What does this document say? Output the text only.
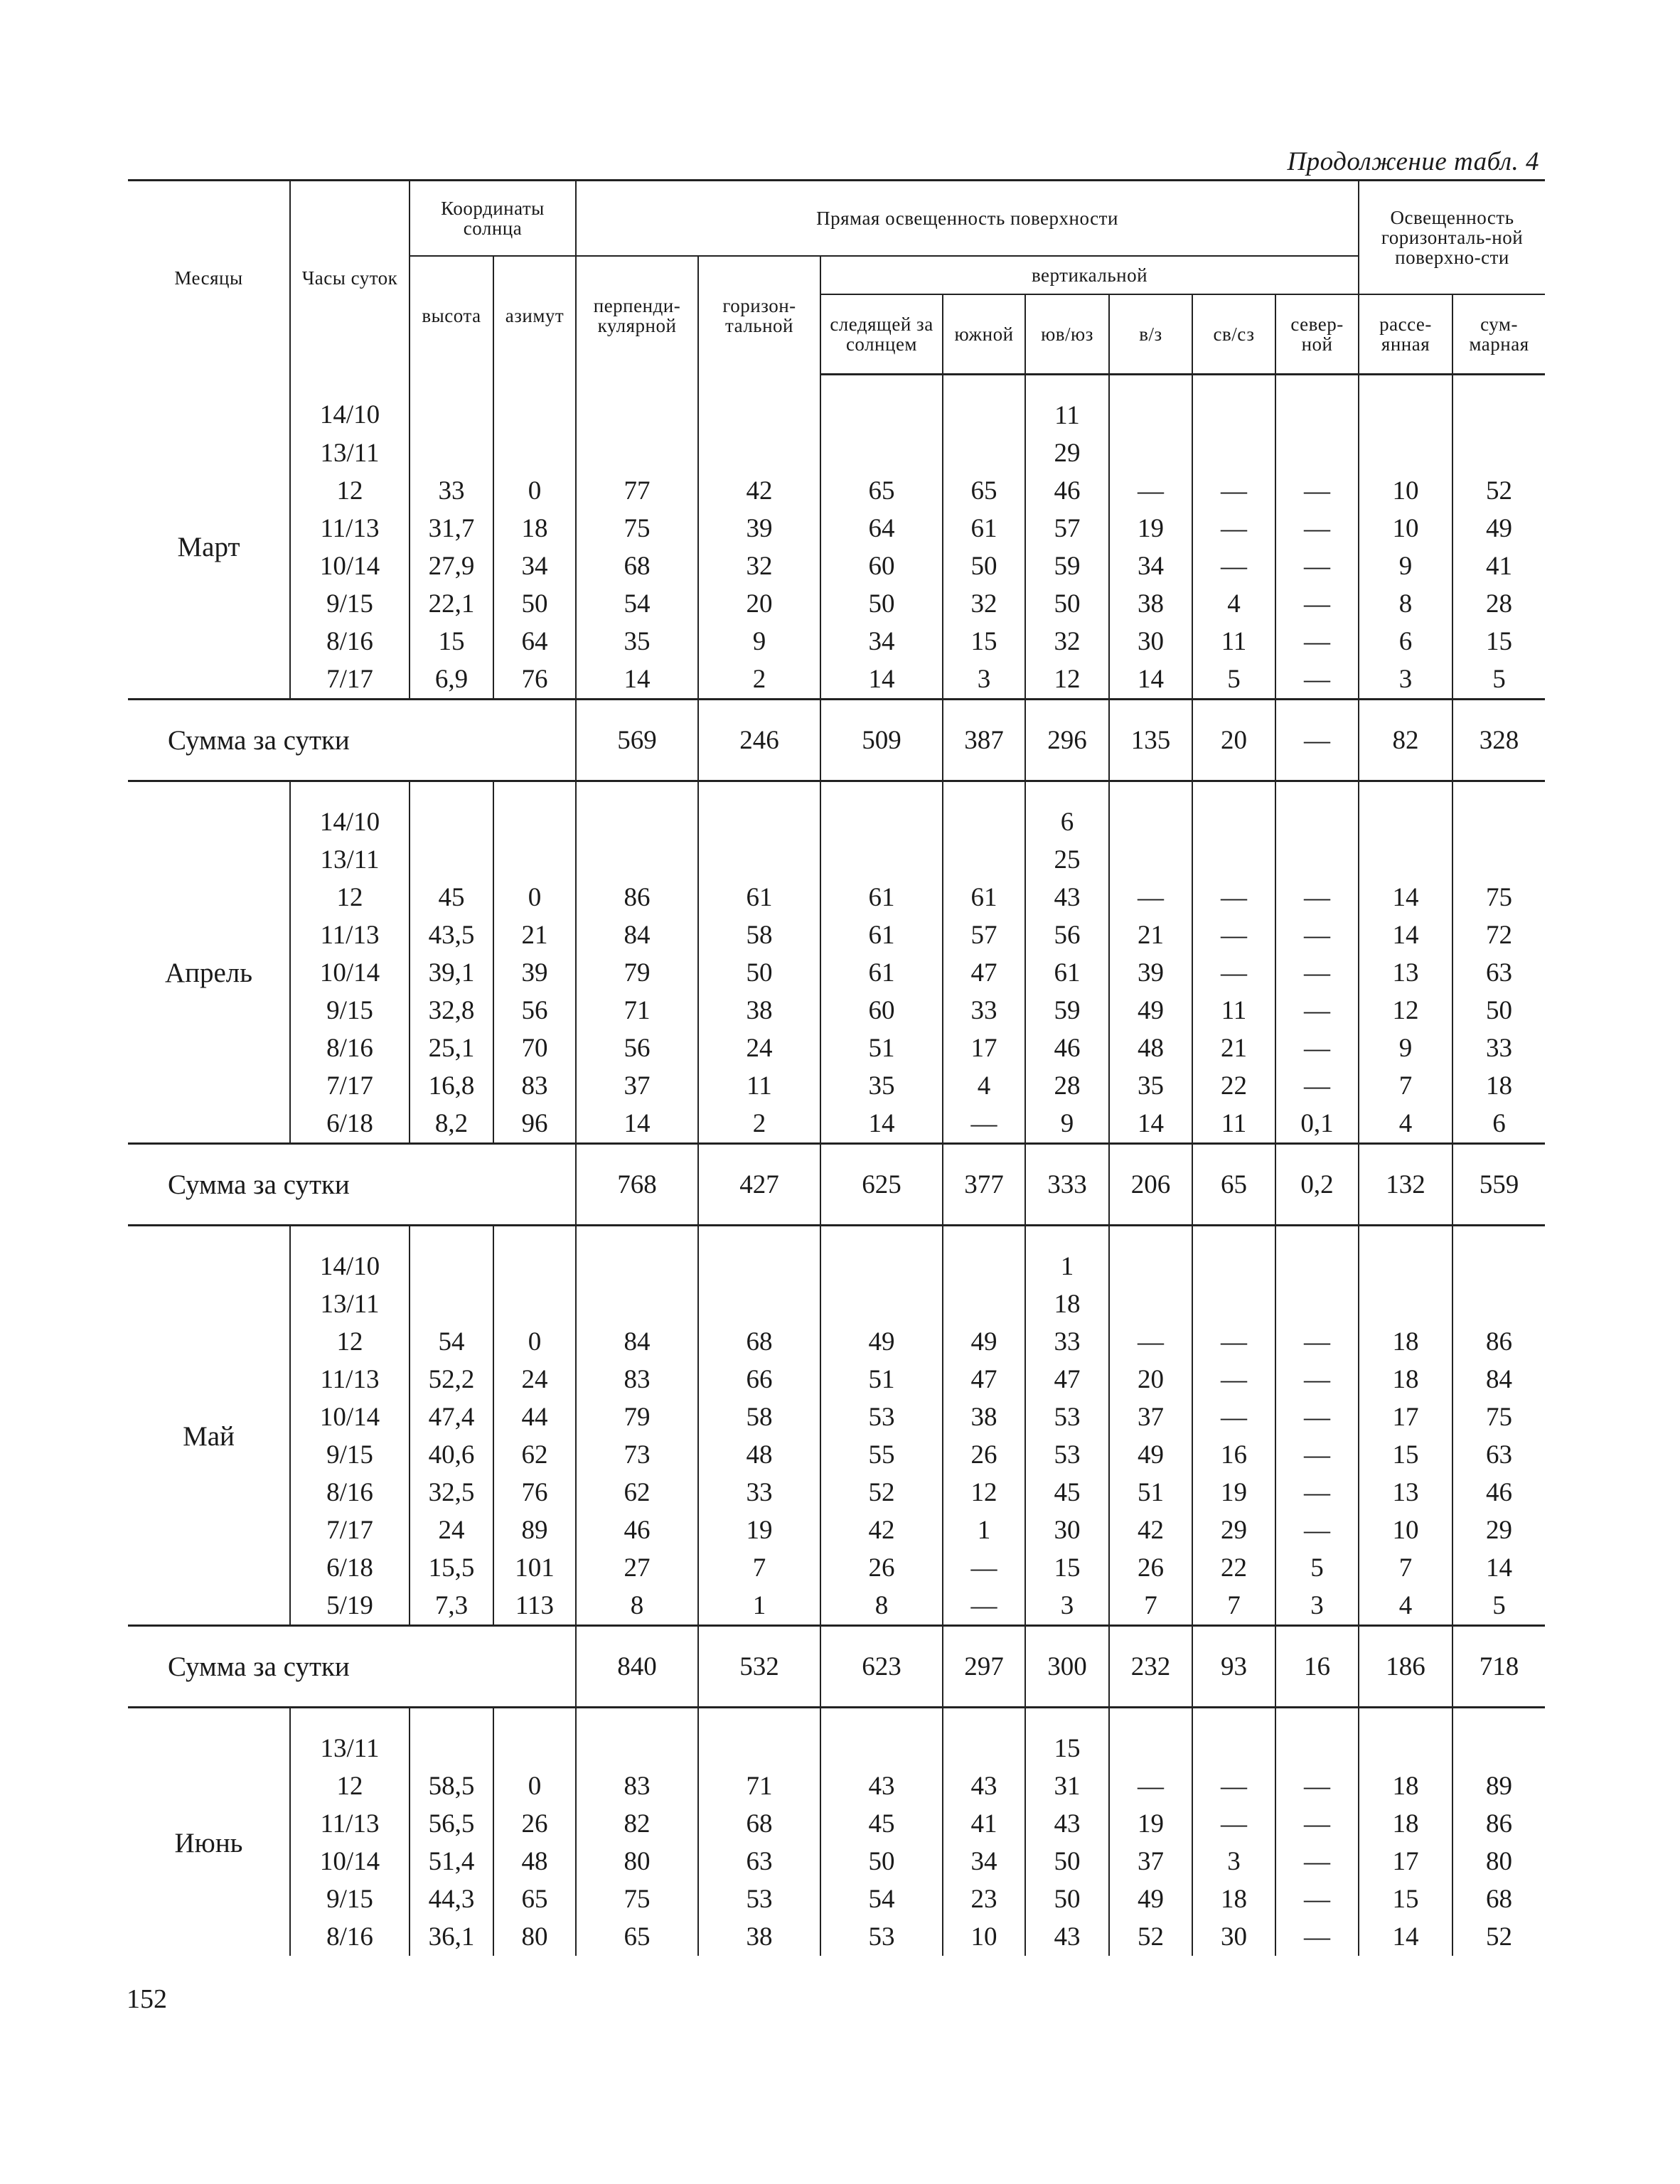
Продолжение табл. 4
Месяцы	Часы суток	Координаты солнца		Прямая освещенность поверхности								Освещенность горизонталь-ной поверхно-сти	
		высота	азимут	перпенди-кулярной	горизон-тальной	вертикальной							
						следящей за солнцем	южной	юв/юз	в/з	св/сз	север-ной	рассе-янная	сум-марная
Март	14/10							11					
	13/11							29					
	12	33	0	77	42	65	65	46	—	—	—	10	52
	11/13	31,7	18	75	39	64	61	57	19	—	—	10	49
	10/14	27,9	34	68	32	60	50	59	34	—	—	9	41
	9/15	22,1	50	54	20	50	32	50	38	4	—	8	28
	8/16	15	64	35	9	34	15	32	30	11	—	6	15
	7/17	6,9	76	14	2	14	3	12	14	5	—	3	5
Сумма за сутки				569	246	509	387	296	135	20	—	82	328
Апрель	14/10							6					
	13/11							25					
	12	45	0	86	61	61	61	43	—	—	—	14	75
	11/13	43,5	21	84	58	61	57	56	21	—	—	14	72
	10/14	39,1	39	79	50	61	47	61	39	—	—	13	63
	9/15	32,8	56	71	38	60	33	59	49	11	—	12	50
	8/16	25,1	70	56	24	51	17	46	48	21	—	9	33
	7/17	16,8	83	37	11	35	4	28	35	22	—	7	18
	6/18	8,2	96	14	2	14	—	9	14	11	0,1	4	6
Сумма за сутки				768	427	625	377	333	206	65	0,2	132	559
Май	14/10							1					
	13/11							18					
	12	54	0	84	68	49	49	33	—	—	—	18	86
	11/13	52,2	24	83	66	51	47	47	20	—	—	18	84
	10/14	47,4	44	79	58	53	38	53	37	—	—	17	75
	9/15	40,6	62	73	48	55	26	53	49	16	—	15	63
	8/16	32,5	76	62	33	52	12	45	51	19	—	13	46
	7/17	24	89	46	19	42	1	30	42	29	—	10	29
	6/18	15,5	101	27	7	26	—	15	26	22	5	7	14
	5/19	7,3	113	8	1	8	—	3	7	7	3	4	5
Сумма за сутки				840	532	623	297	300	232	93	16	186	718
Июнь	13/11							15					
	12	58,5	0	83	71	43	43	31	—	—	—	18	89
	11/13	56,5	26	82	68	45	41	43	19	—	—	18	86
	10/14	51,4	48	80	63	50	34	50	37	3	—	17	80
	9/15	44,3	65	75	53	54	23	50	49	18	—	15	68
	8/16	36,1	80	65	38	53	10	43	52	30	—	14	52
152
